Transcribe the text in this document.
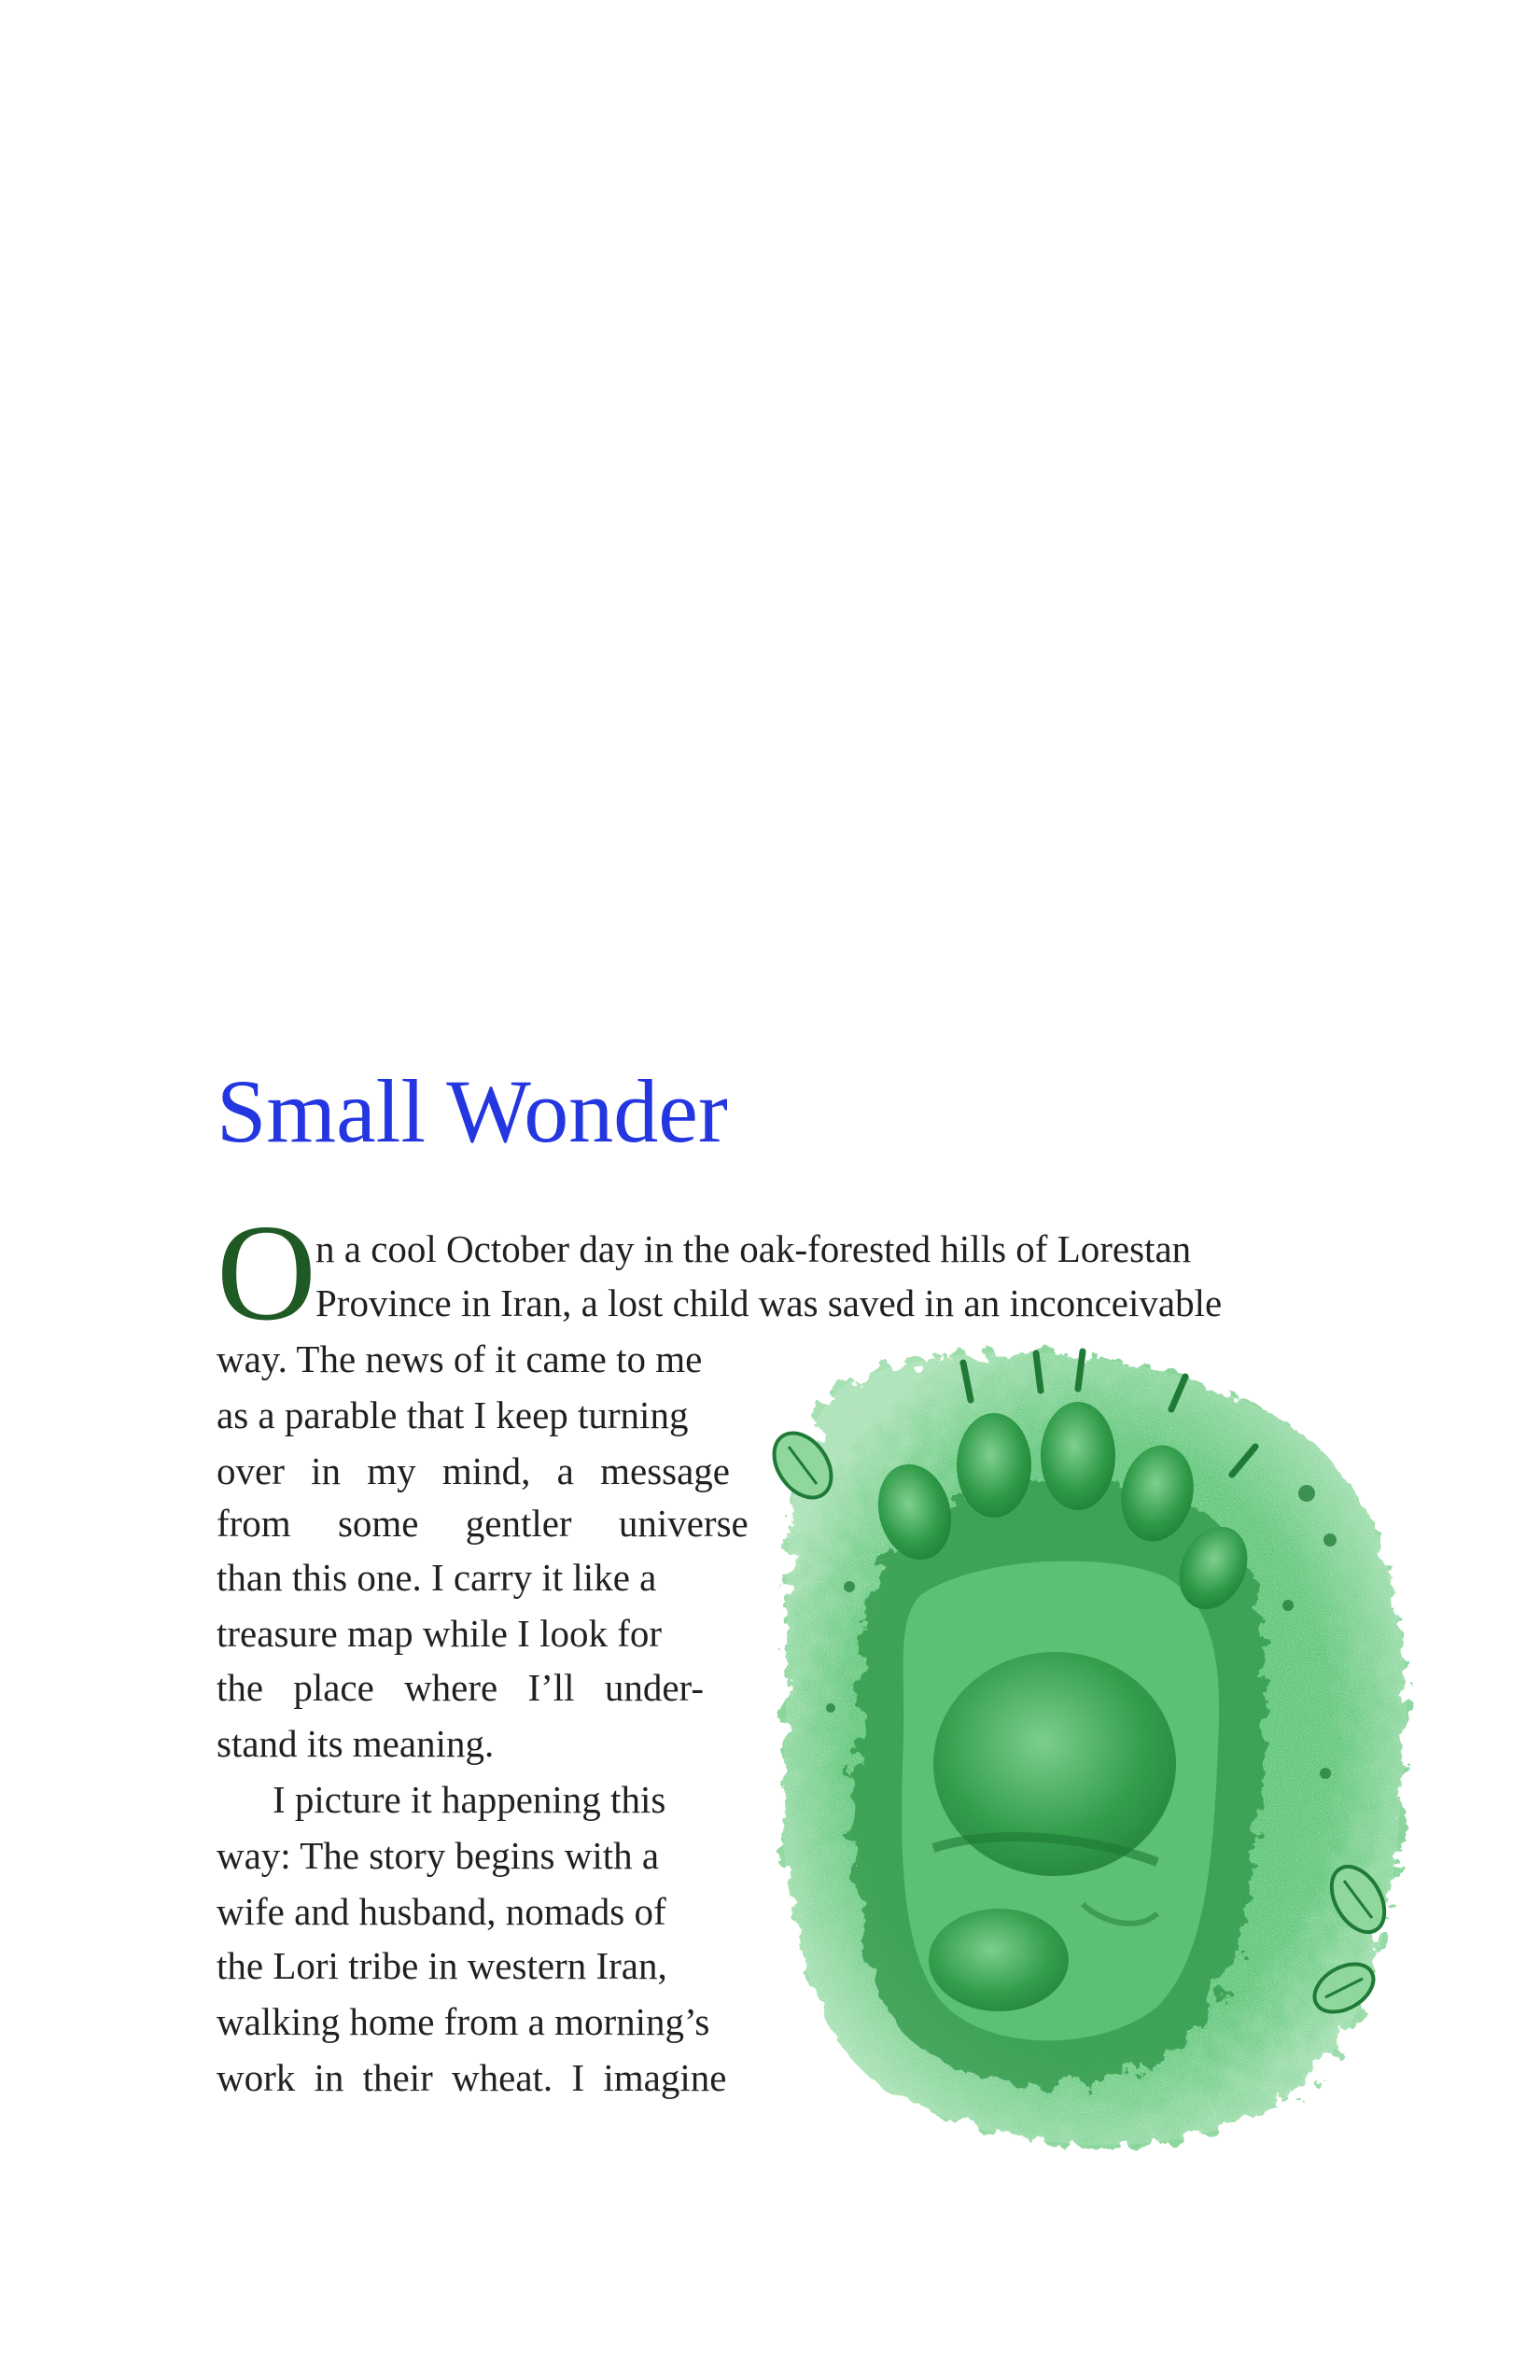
Small Wonder
O n a cool October day in the oak-forested hills of Lorestan
Province in Iran, a lost child was saved in an inconceivable
way. The news of it came to me
as a parable that I keep turning
over in my mind, a message
from some gentler universe
than this one. I carry it like a
treasure map while I look for
the place where I’ll under-
stand its meaning.
I picture it happening this
way: The story begins with a
wife and husband, nomads of
the Lori tribe in western Iran,
walking home from a morning’s
work in their wheat. I imagine
